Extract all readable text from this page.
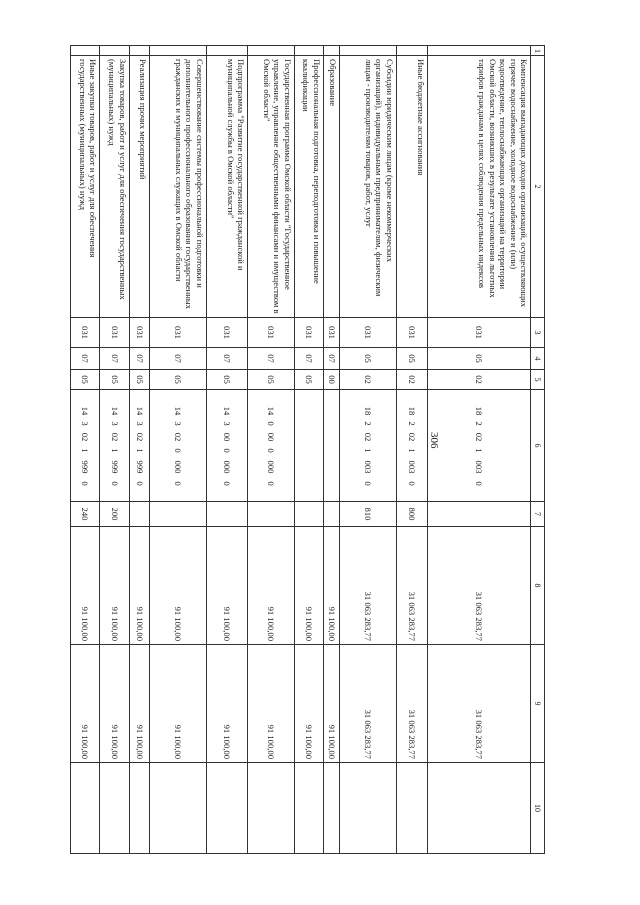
306
1	2	3	4	5	6	7	8	9	10
	Компенсация выпадающих доходов организаций, осуществляющих горячее водоснабжение, холодное водоснабжение и (или) водоотведение, теплоснабжающих организаций на территории Омской области, возникших в результате установления льготных тарифов гражданам в целях соблюдения предельных индексов	031	05	02	1820210030		31 063 283,77	31 063 283,77	
	Иные бюджетные ассигнования	031	05	02	1820210030	800	31 063 283,77	31 063 283,77	
	Субсидии юридическим лицам (кроме некоммерческих организаций), индивидуальным предпринимателям, физическим лицам - производителям товаров, работ, услуг	031	05	02	1820210030	810	31 063 283,77	31 063 283,77	
	Образование	031	07	00			91 100,00	91 100,00	
	Профессиональная подготовка, переподготовка и повышение квалификации	031	07	05			91 100,00	91 100,00	
	Государственная программа Омской области "Государственное управление, управление общественными финансами и имуществом в Омской области"	031	07	05	1400000000		91 100,00	91 100,00	
	Подпрограмма "Развитие государственной гражданской и муниципальной службы в Омской области"	031	07	05	1430000000		91 100,00	91 100,00	
	Совершенствование системы профессиональной подготовки и дополнительного профессионального образования государственных гражданских и муниципальных служащих в Омской области	031	07	05	1430200000		91 100,00	91 100,00	
	Реализация прочих мероприятий	031	07	05	1430219990		91 100,00	91 100,00	
	Закупка товаров, работ и услуг для обеспечения государственных (муниципальных) нужд	031	07	05	1430219990	200	91 100,00	91 100,00	
	Иные закупки товаров, работ и услуг для обеспечения государственных (муниципальных) нужд	031	07	05	1430219990	240	91 100,00	91 100,00	
